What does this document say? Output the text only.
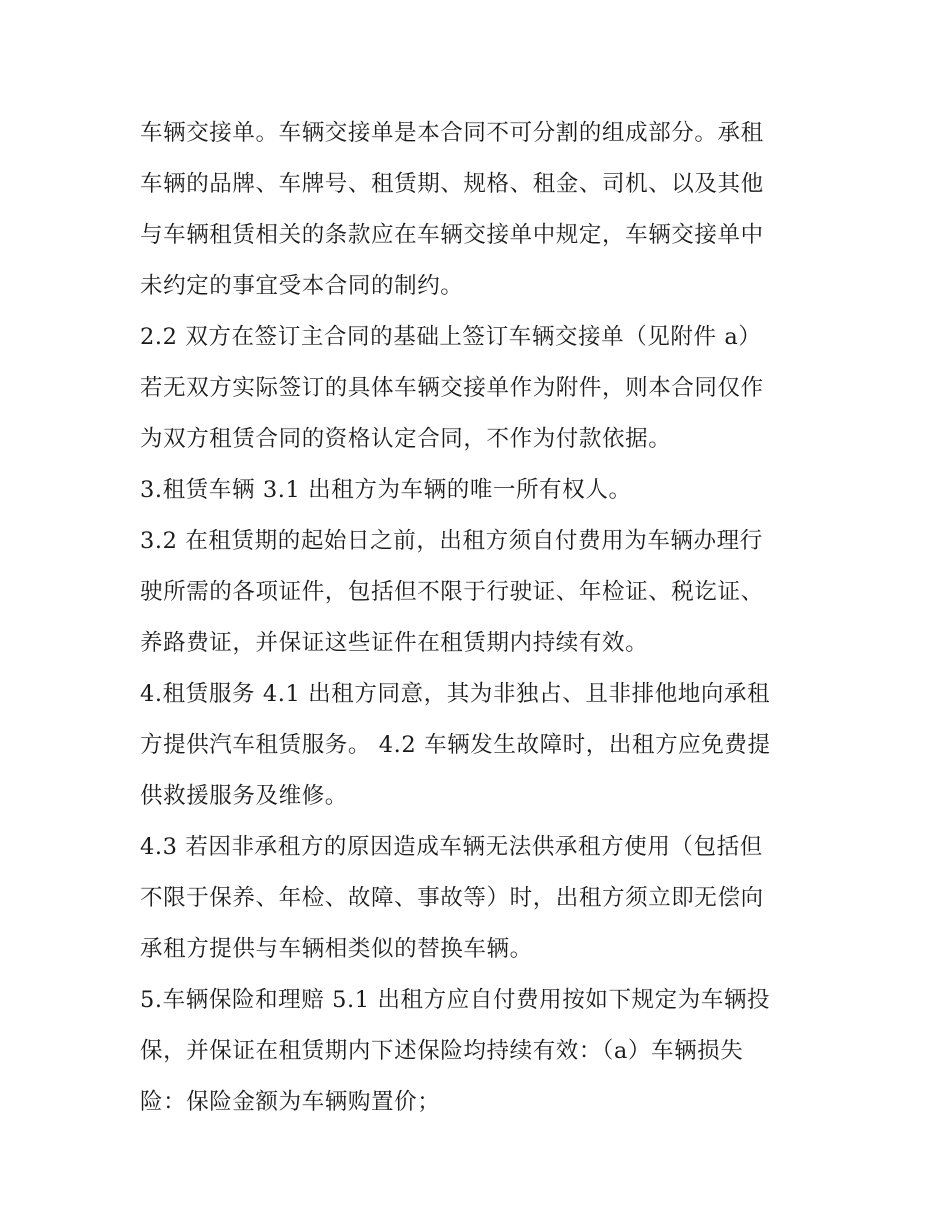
车辆交接单。车辆交接单是本合同不可分割的组成部分。承租
车辆的品牌、车牌号、租赁期、规格、租金、司机、以及其他
与车辆租赁相关的条款应在车辆交接单中规定，车辆交接单中
未约定的事宜受本合同的制约。
2.2 双方在签订主合同的基础上签订车辆交接单（见附件 a）
若无双方实际签订的具体车辆交接单作为附件，则本合同仅作
为双方租赁合同的资格认定合同，不作为付款依据。
3.租赁车辆 3.1 出租方为车辆的唯一所有权人。
3.2 在租赁期的起始日之前，出租方须自付费用为车辆办理行
驶所需的各项证件，包括但不限于行驶证、年检证、税讫证、
养路费证，并保证这些证件在租赁期内持续有效。
4.租赁服务 4.1 出租方同意，其为非独占、且非排他地向承租
方提供汽车租赁服务。 4.2 车辆发生故障时，出租方应免费提
供救援服务及维修。
4.3 若因非承租方的原因造成车辆无法供承租方使用（包括但
不限于保养、年检、故障、事故等）时，出租方须立即无偿向
承租方提供与车辆相类似的替换车辆。
5.车辆保险和理赔 5.1 出租方应自付费用按如下规定为车辆投
保，并保证在租赁期内下述保险均持续有效：（a）车辆损失
险：保险金额为车辆购置价；
